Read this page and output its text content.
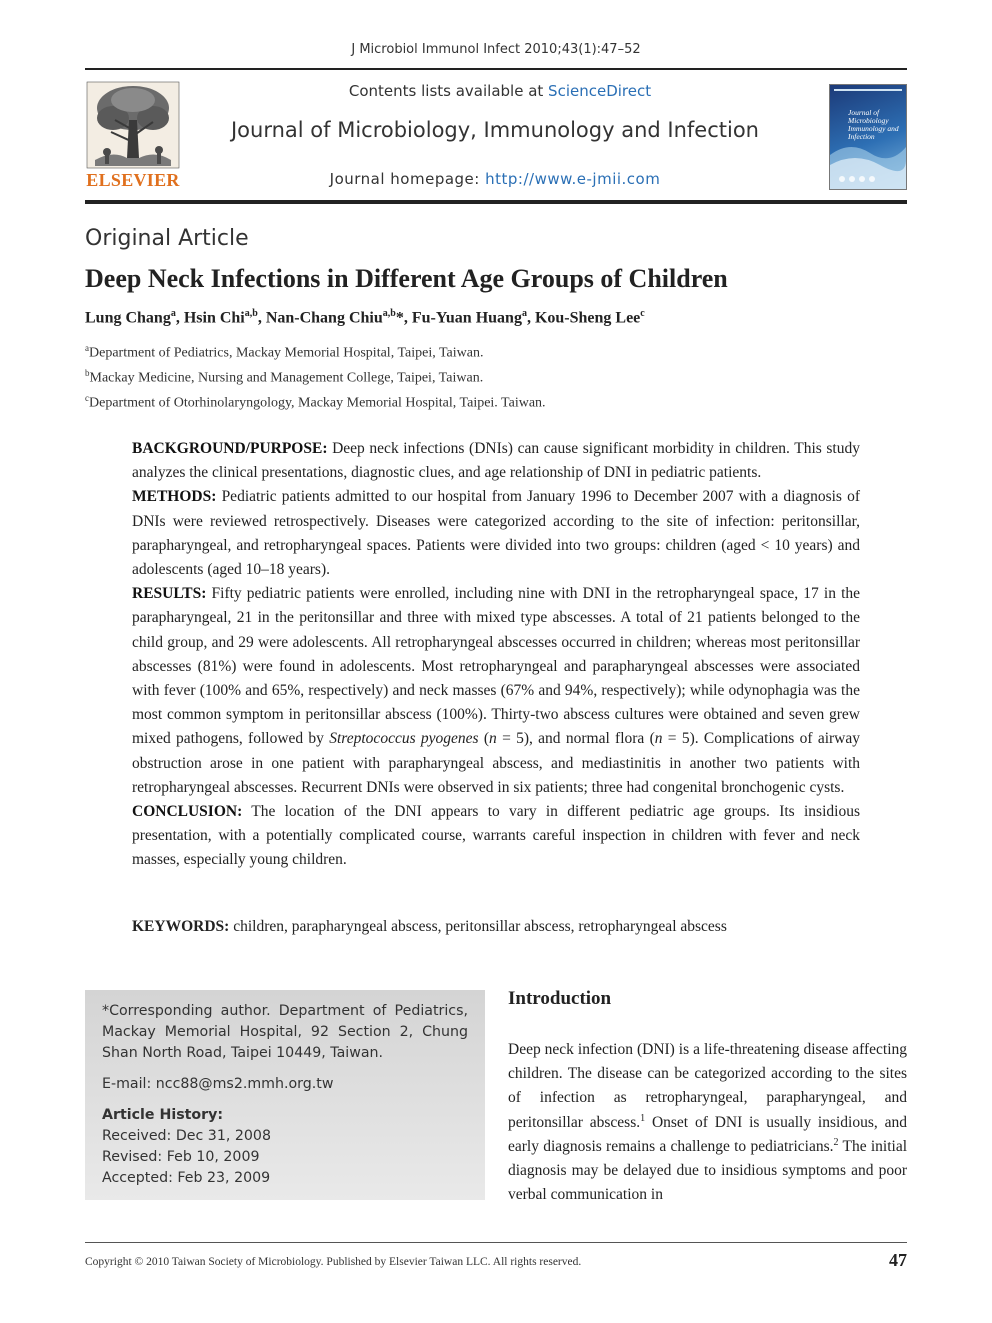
J Microbiol Immunol Infect 2010;43(1):47–52
ELSEVIER
Contents lists available at ScienceDirect
Journal of Microbiology, Immunology and Infection
Journal homepage: http://www.e-jmii.com
Journal of Microbiology Immunology and Infection
Original Article
Deep Neck Infections in Different Age Groups of Children
Lung Chang$^a$, Hsin Chi$^{a,b}$, Nan-Chang Chiu$^{a,b}$*, Fu-Yuan Huang$^a$, Kou-Sheng Lee$^c$
$^a$Department of Pediatrics, Mackay Memorial Hospital, Taipei, Taiwan.
$^b$Mackay Medicine, Nursing and Management College, Taipei, Taiwan.
$^c$Department of Otorhinolaryngology, Mackay Memorial Hospital, Taipei. Taiwan.

BACKGROUND/PURPOSE: Deep neck infections (DNIs) can cause significant morbidity in children. This study analyzes the clinical presentations, diagnostic clues, and age relationship of DNI in pediatric patients.

METHODS: Pediatric patients admitted to our hospital from January 1996 to December 2007 with a diagnosis of DNIs were reviewed retrospectively. Diseases were categorized according to the site of infection: peritonsillar, parapharyngeal, and retropharyngeal spaces. Patients were divided into two groups: children (aged < 10 years) and adolescents (aged 10–18 years).

RESULTS: Fifty pediatric patients were enrolled, including nine with DNI in the retropharyngeal space, 17 in the parapharyngeal, 21 in the peritonsillar and three with mixed type abscesses. A total of 21 patients belonged to the child group, and 29 were adolescents. All retropharyngeal abscesses occurred in children; whereas most peritonsillar abscesses (81%) were found in adolescents. Most retropharyngeal and parapharyngeal abscesses were associated with fever (100% and 65%, respectively) and neck masses (67% and 94%, respectively); while odynophagia was the most common symptom in peritonsillar abscess (100%). Thirty-two abscess cultures were obtained and seven grew mixed pathogens, followed by Streptococcus pyogenes (n = 5), and normal flora (n = 5). Complications of airway obstruction arose in one patient with parapharyngeal abscess, and mediastinitis in another two patients with retropharyngeal abscesses. Recurrent DNIs were observed in six patients; three had congenital bronchogenic cysts.

CONCLUSION: The location of the DNI appears to vary in different pediatric age groups. Its insidious presentation, with a potentially complicated course, warrants careful inspection in children with fever and neck masses, especially young children.

KEYWORDS: children, parapharyngeal abscess, peritonsillar abscess, retropharyngeal abscess
*Corresponding author. Department of Pediatrics, Mackay Memorial Hospital, 92 Section 2, Chung Shan North Road, Taipei 10449, Taiwan.
E-mail: ncc88@ms2.mmh.org.tw
Article History:
Received: Dec 31, 2008
Revised: Feb 10, 2009
Accepted: Feb 23, 2009
Introduction
Deep neck infection (DNI) is a life-threatening disease affecting children. The disease can be categorized according to the sites of infection as retropharyngeal, parapharyngeal, and peritonsillar abscess.$^1$ Onset of DNI is usually insidious, and early diagnosis remains a challenge to pediatricians.$^2$ The initial diagnosis may be delayed due to insidious symptoms and poor verbal communication in
Copyright © 2010 Taiwan Society of Microbiology. Published by Elsevier Taiwan LLC. All rights reserved.	47
